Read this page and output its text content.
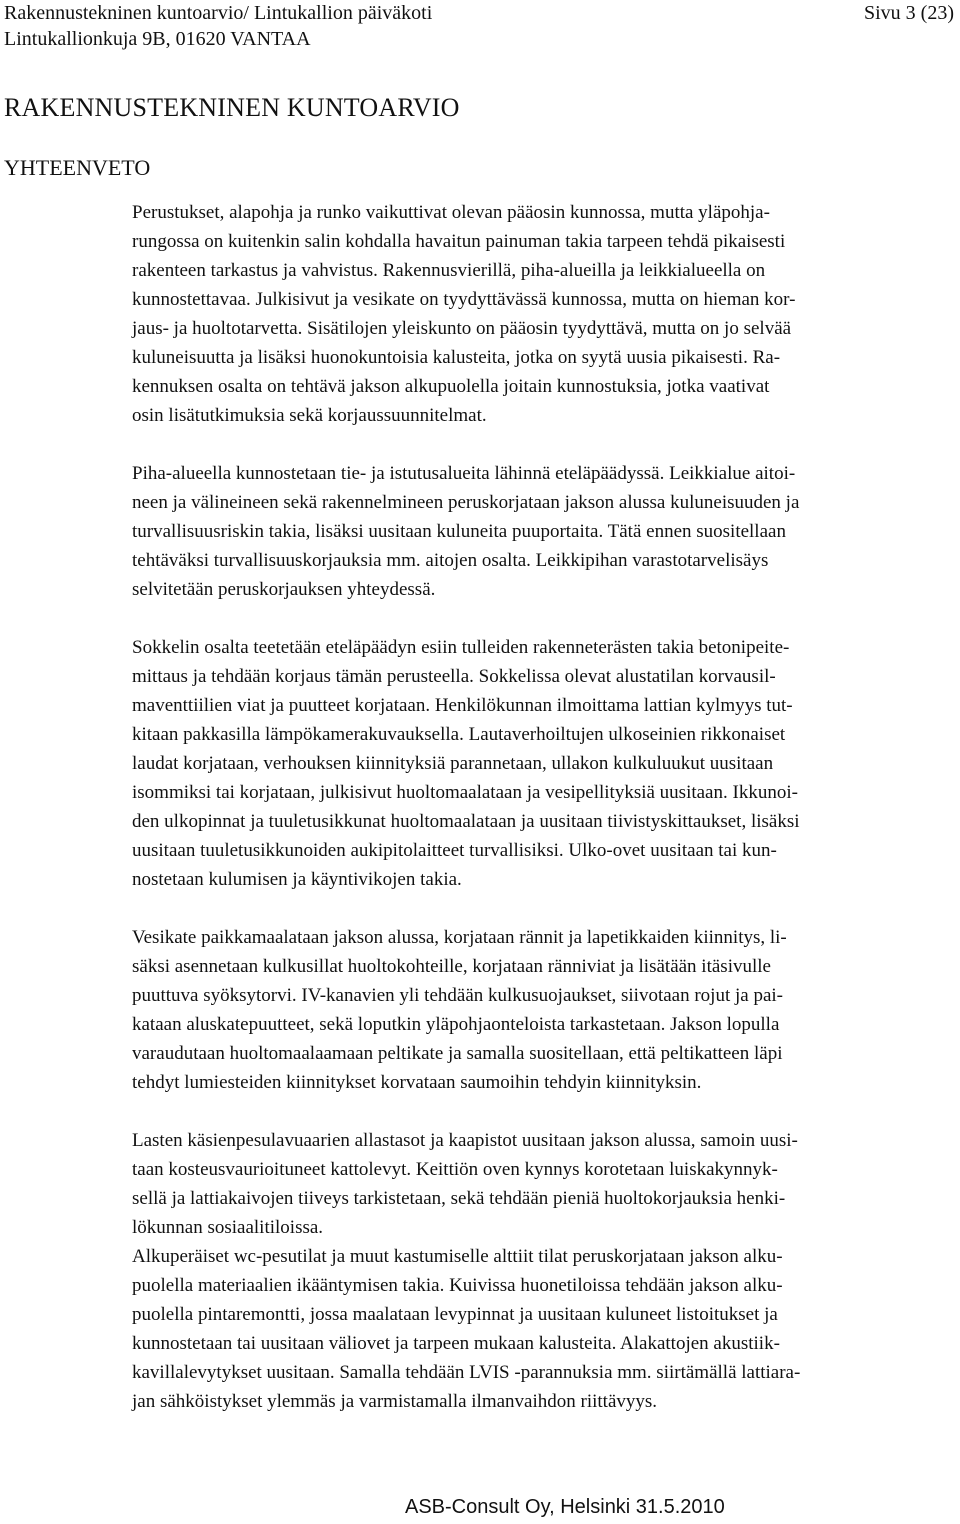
Rakennustekninen kuntoarvio/ Lintukallion päiväkoti
Lintukallionkuja 9B, 01620 VANTAA
Sivu 3 (23)
RAKENNUSTEKNINEN KUNTOARVIO
YHTEENVETO

Perustukset, alapohja ja runko vaikuttivat olevan pääosin kunnossa, mutta yläpohja-
rungossa on kuitenkin salin kohdalla havaitun painuman takia tarpeen tehdä pikaisesti
rakenteen tarkastus ja vahvistus. Rakennusvierillä, piha-alueilla ja leikkialueella on
kunnostettavaa. Julkisivut ja vesikate on tyydyttävässä kunnossa, mutta on hieman kor-
jaus- ja huoltotarvetta. Sisätilojen yleiskunto on pääosin tyydyttävä, mutta on jo selvää
kuluneisuutta ja lisäksi huonokuntoisia kalusteita, jotka on syytä uusia pikaisesti. Ra-
kennuksen osalta on tehtävä jakson alkupuolella joitain kunnostuksia, jotka vaativat
osin lisätutkimuksia sekä korjaussuunnitelmat.

Piha-alueella kunnostetaan tie- ja istutusalueita lähinnä eteläpäädyssä. Leikkialue aitoi-
neen ja välineineen sekä rakennelmineen peruskorjataan jakson alussa kuluneisuuden ja
turvallisuusriskin takia, lisäksi uusitaan kuluneita puuportaita. Tätä ennen suositellaan
tehtäväksi turvallisuuskorjauksia mm. aitojen osalta. Leikkipihan varastotarvelisäys
selvitetään peruskorjauksen yhteydessä.

Sokkelin osalta teetetään eteläpäädyn esiin tulleiden rakenneterästen takia betonipeite-
mittaus ja tehdään korjaus tämän perusteella. Sokkelissa olevat alustatilan korvausil-
maventtiilien viat ja puutteet korjataan. Henkilökunnan ilmoittama lattian kylmyys tut-
kitaan pakkasilla lämpökamerakuvauksella. Lautaverhoiltujen ulkoseinien rikkonaiset
laudat korjataan, verhouksen kiinnityksiä parannetaan, ullakon kulkuluukut uusitaan
isommiksi tai korjataan, julkisivut huoltomaalataan ja vesipellityksiä uusitaan. Ikkunoi-
den ulkopinnat ja tuuletusikkunat huoltomaalataan ja uusitaan tiivistyskittaukset, lisäksi
uusitaan tuuletusikkunoiden aukipitolaitteet turvallisiksi. Ulko-ovet uusitaan tai kun-
nostetaan kulumisen ja käyntivikojen takia.

Vesikate paikkamaalataan jakson alussa, korjataan rännit ja lapetikkaiden kiinnitys, li-
säksi asennetaan kulkusillat huoltokohteille, korjataan ränniviat ja lisätään itäsivulle
puuttuva syöksytorvi. IV-kanavien yli tehdään kulkusuojaukset, siivotaan rojut ja pai-
kataan aluskatepuutteet, sekä loputkin yläpohjaonteloista tarkastetaan. Jakson lopulla
varaudutaan huoltomaalaamaan peltikate ja samalla suositellaan, että peltikatteen läpi
tehdyt lumiesteiden kiinnitykset korvataan saumoihin tehdyin kiinnityksin.

Lasten käsienpesulavuaarien allastasot ja kaapistot uusitaan jakson alussa, samoin uusi-
taan kosteusvaurioituneet kattolevyt. Keittiön oven kynnys korotetaan luiskakynnyk-
sellä ja lattiakaivojen tiiveys tarkistetaan, sekä tehdään pieniä huoltokorjauksia henki-
lökunnan sosiaalitiloissa.
Alkuperäiset wc-pesutilat ja muut kastumiselle alttiit tilat peruskorjataan jakson alku-
puolella materiaalien ikääntymisen takia. Kuivissa huonetiloissa tehdään jakson alku-
puolella pintaremontti, jossa maalataan levypinnat ja uusitaan kuluneet listoitukset ja
kunnostetaan tai uusitaan väliovet ja tarpeen mukaan kalusteita. Alakattojen akustiik-
kavillalevytykset uusitaan. Samalla tehdään LVIS -parannuksia mm. siirtämällä lattiara-
jan sähköistykset ylemmäs ja varmistamalla ilmanvaihdon riittävyys.

ASB-Consult Oy, Helsinki 31.5.2010
